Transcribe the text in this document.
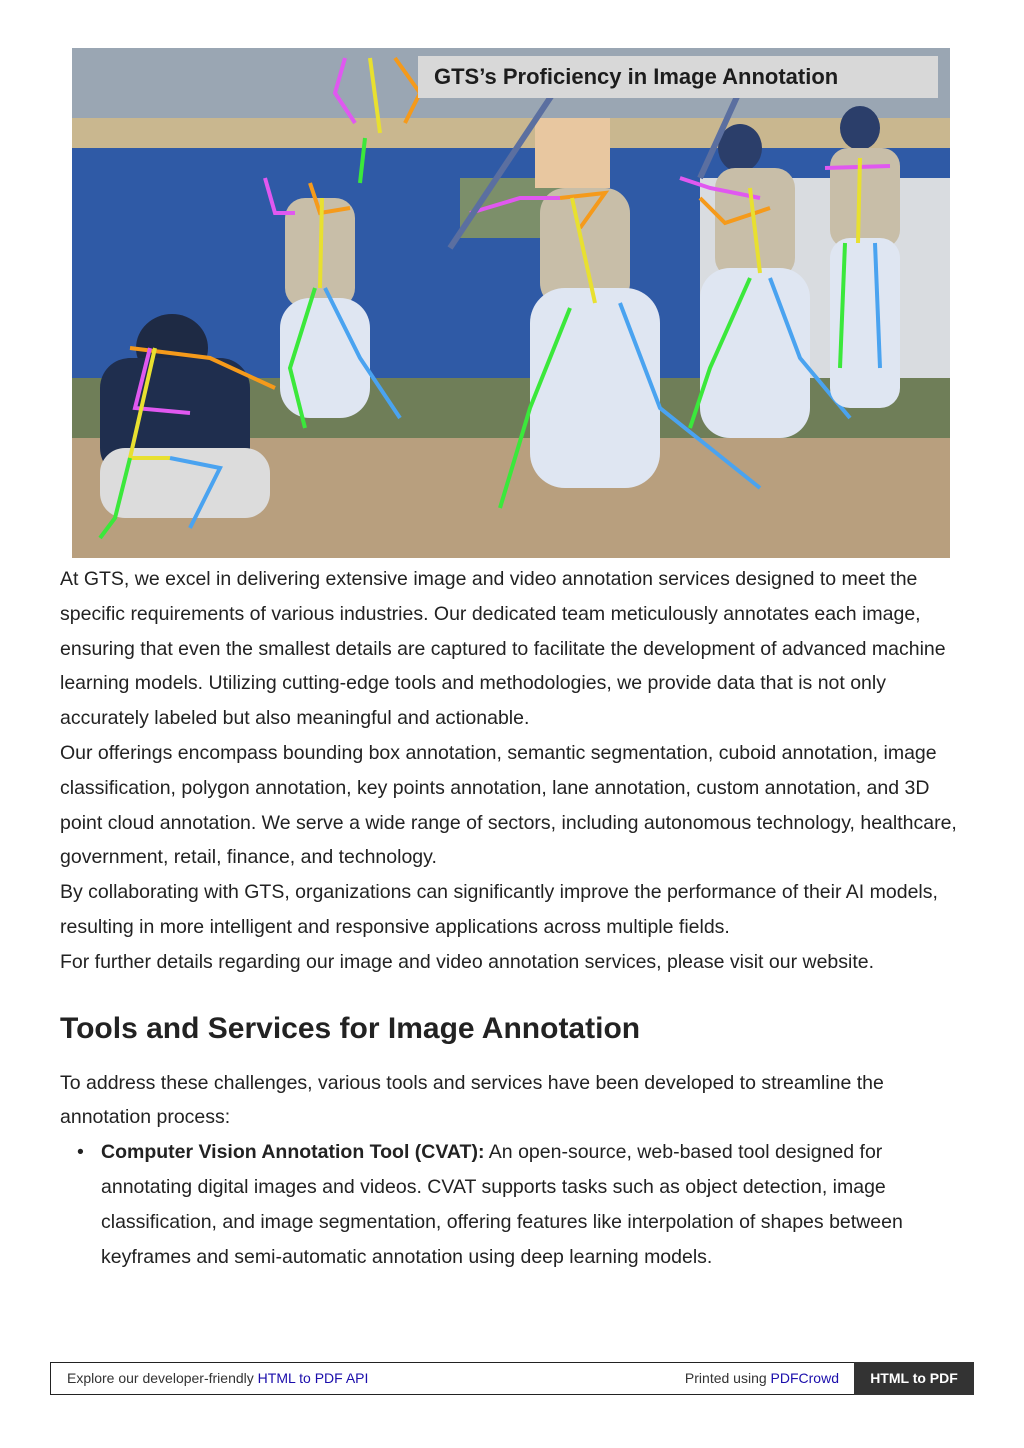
GTS’s Proficiency in Image Annotation

At GTS, we excel in delivering extensive image and video annotation services designed to meet the specific requirements of various industries. Our dedicated team meticulously annotates each image, ensuring that even the smallest details are captured to facilitate the development of advanced machine learning models. Utilizing cutting-edge tools and methodologies, we provide data that is not only accurately labeled but also meaningful and actionable.

Our offerings encompass bounding box annotation, semantic segmentation, cuboid annotation, image classification, polygon annotation, key points annotation, lane annotation, custom annotation, and 3D point cloud annotation. We serve a wide range of sectors, including autonomous technology, healthcare, government, retail, finance, and technology.

By collaborating with GTS, organizations can significantly improve the performance of their AI models, resulting in more intelligent and responsive applications across multiple fields.

For further details regarding our image and video annotation services, please visit our website.

Tools and Services for Image Annotation

To address these challenges, various tools and services have been developed to streamline the annotation process:

• Computer Vision Annotation Tool (CVAT): An open-source, web-based tool designed for annotating digital images and videos. CVAT supports tasks such as object detection, image classification, and image segmentation, offering features like interpolation of shapes between keyframes and semi-automatic annotation using deep learning models.
Explore our developer-friendly HTML to PDF API	Printed using PDFCrowd	HTML to PDF
